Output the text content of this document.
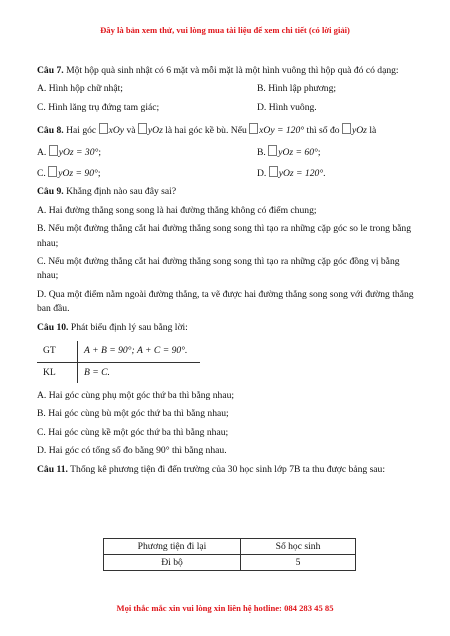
Đây là bản xem thử, vui lòng mua tài liệu để xem chi tiết (có lời giải)
Câu 7. Một hộp quà sinh nhật có 6 mặt và mỗi mặt là một hình vuông thì hộp quà đó có dạng:
A. Hình hộp chữ nhật;	B. Hình lập phương;
C. Hình lăng trụ đứng tam giác;	D. Hình vuông.
Câu 8. Hai góc xOy và yOz là hai góc kề bù. Nếu xOy = 120° thì số đo yOz là
A. yOz = 30°;	B. yOz = 60°;
C. yOz = 90°;	D. yOz = 120°.
Câu 9. Khẳng định nào sau đây sai?
A. Hai đường thẳng song song là hai đường thẳng không có điểm chung;
B. Nếu một đường thẳng cắt hai đường thẳng song song thì tạo ra những cặp góc so le trong bằng nhau;
C. Nếu một đường thẳng cắt hai đường thẳng song song thì tạo ra những cặp góc đồng vị bằng nhau;
D. Qua một điểm nằm ngoài đường thẳng, ta vẽ được hai đường thẳng song song với đường thẳng ban đầu.
Câu 10. Phát biểu định lý sau bằng lời:
GT	A + B = 90°; A + C = 90°.
KL	B = C.
A. Hai góc cùng phụ một góc thứ ba thì bằng nhau;
B. Hai góc cùng bù một góc thứ ba thì bằng nhau;
C. Hai góc cùng kề một góc thứ ba thì bằng nhau;
D. Hai góc có tổng số đo bằng 90° thì bằng nhau.
Câu 11. Thống kê phương tiện đi đến trường của 30 học sinh lớp 7B ta thu được bảng sau:
Phương tiện đi lại	Số học sinh
Đi bộ	5
Mọi thắc mắc xin vui lòng xin liên hệ hotline: 084 283 45 85
